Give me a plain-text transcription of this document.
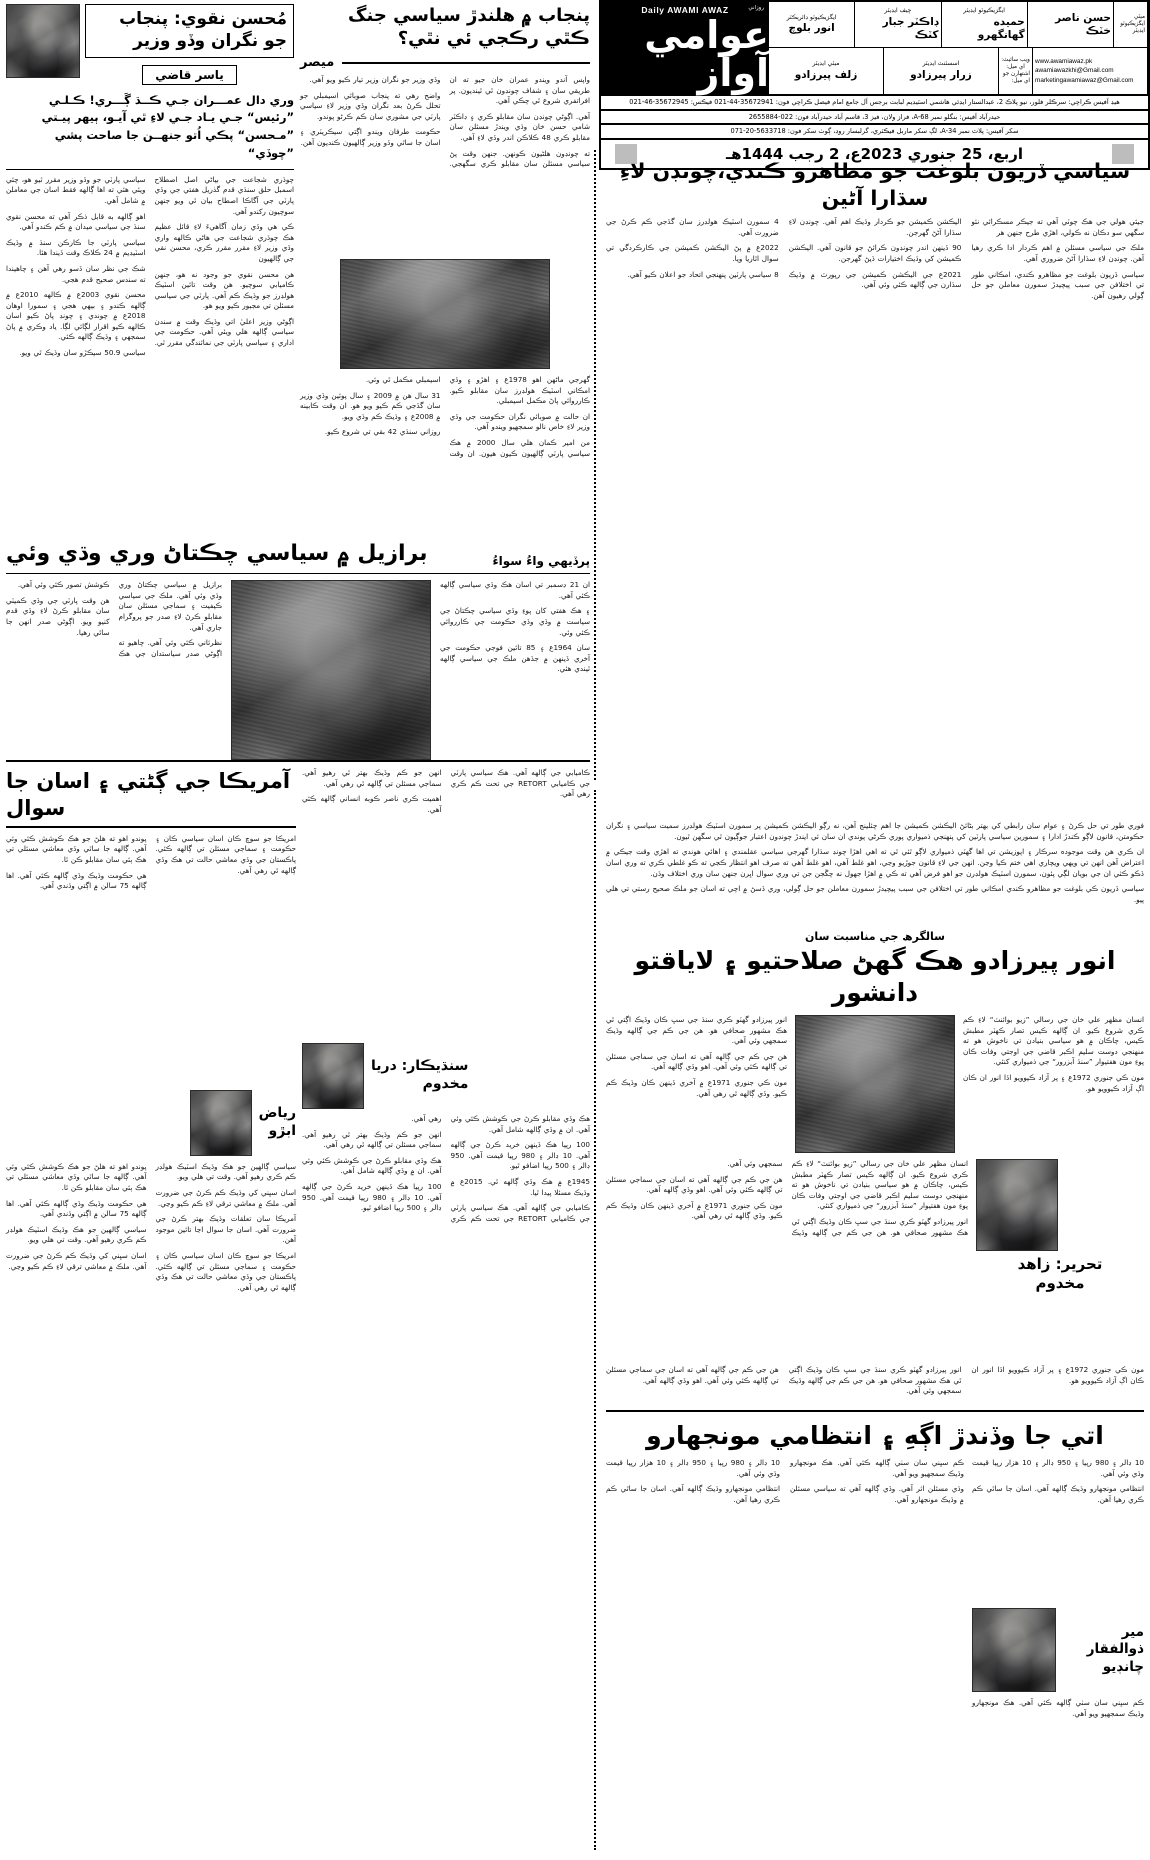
ميٽي ايگزيڪيوٽو ايڊيٽر
حسن ناصر خٽڪ
ايگزيڪيوٽو ايڊيٽر
حميده گهانگهرو
چيف ايڊيٽر
ڊاڪٽر جبار کٽڪ
ايگزيڪيوٽو ڊائريڪٽر
انور بلوچ
www.awamiawaz.pk
awamiawazkhi@Gmail.com
marketingawamiawaz@Gmail.com
ويب سائيٽ:
اي ميل:
اشتهارن جو اي ميل:
اسسٽنٽ ايڊيٽر
زرار پيرزادو
ميٽي ايڊيٽر
زلف پيرزادو
روزاني
Daily AWAMI AWAZ
عوامي آواز
هيڊ آفيس ڪراچي: سرڪلر فلور، نيو پلاڪ 2، عبدالستار ايڊئي هاشمي اسٽيڊيم لبابت برجس آل جامع امام فيصل ڪراچي فون: 35672941-44-021 فيڪس: 35672945-46-021
حيدرآباد آفيس: بنگلو نمبر A-68، فراز ولان، فيز 3، قاسم آباد حيدرآباد فون: 022-2655884
سکر آفيس: پلاٽ نمبر A-34، لڳ سکر ماربل فيڪٽري، گرلبسار روڊ، ڳوٺ سکر فون: 5633718-20-071
اربع، 25 جنوري 2023ع، 2 رجب 1444هـ
مُحسن نقوي: پنجاب جو نگران وڏو وزير
ياسر قاضي
وري دال عمـــران جـي ڪــڌ ڳَـــري! ڪـلـي ”رئيس“ جـي يـاد جـي لاءِ ٿي آيـو، ٻيهر پيـتي ”مـحسن“ پڪي اُتو جنهــن جا صاحت پشي ”چوڏي“

چوڌري شجاعت جي بياڻي اصل اصطلاح اسمبل حلق سنڌي قدم گذريل هفتي جي وڏي پارٽي جي آگاڪا اصطاح بيان ٿي ويو جنهن سوچيون رکندو آهي.

ڪي هي وڏي زمان آگاهيءَ لاءِ قائل عظيم هڪ چوڌري شجاعت جي هاڻي ڪالهه واري وڏي وزير لاءِ مقرر مقرر ڪري، محسن نقي جي ڳالهيون

هن محسن نقوي جو وجود نه هو، جنهن ڪاميابي سوچيو. هن وقت تائين اسٽيڪ هولڊرز جو وڌيڪ ڪم آهي. پارٽي جي سياسي مسئلن تي مجبور ڪيو ويو هو.

اڳوڻي وزير اعليٰ اتي وڌيڪ وقت ۾ سندن سياسي ڳالهه هلي ويئي آهي. حڪومت جي اداري ۽ سياسي پارٽي جي نمائندگي مقرر ٿي.

سياسي پارٽي جو وڏو وزير مقرر ٿيو هو، چئي ويئي هئي ته اها ڳالهه فقط اسان جي معاملن ۾ شامل آهي.

اهو ڳالهه به قابل ذڪر آهي ته محسن نقوي سنڌ جي سياسي ميدان ۾ ڪم ڪندو آهي.

سياسي پارٽي جا ڪارڪن سنڌ ۾ وڌيڪ اسٽيڊيم ۾ 24 ڪلاڪ وقت ڏيندا هئا.

شڪ جي نظر سان ڏسو رهي آهن ۽ چاهيندا ته سندس صحيح قدم هجي.

محسن نقوي 2003ع ۾ ڪالهه 2010ع ۾ ڳالهه ڪندو ۽ بيهي هجي ۽ سمورا اوهان 2018ع ۾ چوندي ۽ چونڊ پاڻ ڪيو اسان ڪالهه ڪيو اقرار لڳائي لڳا. ياد وڪري ۾ پاڻ سمجهي ۽ وڌيڪ ڳالهه ڪئي.

سياسي 50.9 سيڪڙو سان وڌيڪ ٿي ويو.

پنجاب ۾ هلندڙ سياسي جنگ ڪٿي رڪجي ئي نٿي؟
ميصر

واپس آندو ويندو عمران خان جيو ته ان طريقي سان ۽ شفاف چونڊون ٿي ٿينديون. پر افراتفري شروع ٿي چڪي آهي.

آهي. اڳوڻي چونڊن سان مقابلو ڪري ۽ ڊاڪٽر شامي حسن خان وڌي ويندڙ مسئلن سان مقابلو ڪري 48 ڪلاڪن اندر وڏي لاءِ آهي.

ته چونڊون هلڻيون ڪونهن. جنهن وقت پڻ سياسي مسئلن سان مقابلو ڪري سگهجي. وڏي وزير جو نگران وزير تيار ڪيو ويو آهي.

واضح رهي ته پنجاب صوبائي اسيمبلي جو تحلل ڪرڻ بعد نگران وڏي وزير لاءِ سياسي پارٽي جي مشوري سان ڪم ڪرڻو پوندو.

حڪومت طرفان ويندو اڳتي سيڪريٽري ۽ اسان جا ساٿي وڏو وزير ڳالهيون ڪنديون آهن.

گهرجي ماڻهن اهو 1978ع ۽ اهڙو ۽ وڏي امڪاني اسٽيڪ هولڊرز سان مقابلو ڪيو. ڪارروائي پاڻ مڪمل اسيمبلي.

ان حالت ۾ صوبائي نگران حڪومت جي وڏي وزير لاءِ خاص نالو سمجهيو ويندو آهي.

من امير ڪمان هلي سال 2000 ۾ هڪ سياسي پارٽي ڳالهيون ڪيون هيون. ان وقت اسيمبلي مڪمل ٿي وئي.

31 سال هن ۾ 2009 ۽ سال پوئين وڏي وزير سان گڏجي ڪم ڪيو ويو هو. ان وقت ڪابينه ۾ 2008ع ۽ وڌيڪ ڪم وڌي ويو.

روزاني سنڌي 42 بقي تي شروع ڪيو.

سياسي ڏريون بلوغت جو مظاهرو ڪندي،چونڊن لاءِ سڌارا آڻين

جيئي هولي جي هڪ چوٽي آهي ته جيڪر مسڪرائي نئو سگهي سو دڪان نه ڪولي، اهڙي طرح جنهن هر

ملڪ جي سياسي مسئلن ۾ اهم ڪردار ادا ڪري رهيا آهن. چونڊن لاءِ سڌارا آڻڻ ضروري آهي.

سياسي ڏريون بلوغت جو مظاهرو ڪندي، امڪاني طور تي اختلافن جي سبب پيچيدڙ سمورن معاملن جو حل ڳولي رهيون آهن.

اليڪشن ڪميشن جو ڪردار وڌيڪ اهم آهي. چونڊن لاءِ سڌارا آڻڻ گهرجن.

90 ڏينهن اندر چونڊون ڪرائڻ جو قانون آهي. اليڪشن ڪميشن کي وڌيڪ اختيارات ڏيڻ گهرجن.

2021ع جي اليڪشن ڪميشن جي رپورٽ ۾ وڌيڪ سڌارن جي ڳالهه ڪئي وئي آهي.

4 سمورن اسٽيڪ هولڊرز سان گڏجي ڪم ڪرڻ جي ضرورت آهي.

2022ع ۾ پڻ اليڪشن ڪميشن جي ڪارڪردگي تي سوال اٿاريا ويا.

8 سياسي پارٽين پنهنجي اتحاد جو اعلان ڪيو آهي.

فوري طور تي حل ڪرڻ ۽ عوام سان رابطي کي بهتر بڻائڻ اليڪشن ڪميشن جا اهم چئلينج آهن، نه رڳو اليڪشن ڪميشن پر سمورن اسٽيڪ هولڊرز سميت سياسي ۽ نگران حڪومتن، قانون لاڳو ڪندڙ ادارا ۽ سمورين سياسي پارٽين کي پنهنجي ذميواري پوري ڪرڻي پوندي ان سان ئي ايندڙ چونڊون اعتبار جوڳيون ٿي سگهن ٿيون.

ان ڪري هن وقت موجوده سرڪار ۽ اپوزيشن تي اها گهٽي ذميواري لاڳو ٿئي ٿي ته اهي اهڙا چونڊ سڌارا گهرجي سياسي عقلمندي ۽ اهائي هوندي ته اهڙي وقت جيڪي ۾ اعتراض آهن انهن تي ويهي ويچاري اهي ختم ڪيا وڃن. انهن جي لاءِ قانون جوڙيو وڃي، اهو غلط آهي، اهو غلط آهي ته صرف اهو انتظار ڪجي ته ڪو غلطي ڪري ته وري اسان ڏڪو ڪثي ان جي بويان لڳي پئون، سمورن اسٽيڪ هولڊرن جو اهو فرض آهي ته ڪي ۾ اهڙا جهول نه چڱجن جن تي وري سوال اڀرن جنهن سان وري اختلاف وڌن.

سياسي ڏريون ڪي بلوغت جو مظاهرو ڪندي امڪاني طور تي اختلافن جي سبب پيچيدڙ سمورن معاملن جو حل ڳولي، وري ڏسڻ ۾ اچي ته اسان جو ملڪ صحيح رستي تي هلي پيو.

برازيل ۾ سياسي چڪتاڻ وري وڌي وئي	پرڏيهي واءُ سواءُ

برازيل ۾ سياسي چڪتاڻ وري وڌي وئي آهي. ملڪ جي سياسي ڪيفيت ۽ سماجي مسئلن سان مقابلو ڪرڻ لاءِ صدر جو پروگرام جاري آهي.

نظرثاني ڪئي وئي آهي. چاهيو ته اڳوڻي صدر سياستدان جي هڪ ڪوشش تصور ڪئي وئي آهي.

هن وقت پارٽي جي وڏي ڪميٽي سان مقابلو ڪرڻ لاءِ وڏي قدم کنيو ويو. اڳوڻي صدر انهن جا ساٿي رهيا.

ان 21 ڊسمبر تي اسان هڪ وڏي سياسي ڳالهه ڪئي آهي.

۽ هڪ هفتي کان پوءِ وڏي سياسي چڪتاڻ جي سياست ۾ وڏي وڏي حڪومت جي ڪارروائي ڪئي وئي.

سان 1964ع ۽ 85 تائين فوجي حڪومت جي آخري ڏينهن ۾ جڏهن ملڪ جي سياسي ڳالهه ٿيندي هئي.

آمريڪا جي ڳڻتي ۽ اسان جا سوال

امريڪا جو سوچ ڪان اسان سياسي ڪان ۽ حڪومت ۽ سماجي مسئلن تي ڳالهه ڪئي. پاڪستان جي وڏي معاشي حالت تي هڪ وڏي ڳالهه ٿي رهي آهي.

پوندو اهو ته هلڻ جو هڪ ڪوشش ڪئي وئي آهي. ڳالهه جا ساٿي وڏي معاشي مسئلي تي هڪ ٻئي سان مقابلو ڪن ٿا.

هي حڪومت وڌيڪ وڏي ڳالهه ڪئي آهي. اها ڳالهه 75 سالن ۾ اڳتي وڌندي آهي.

رياض
ابڙو

سياسي ڳالهين جو هڪ وڌيڪ اسٽيڪ هولڊر ڪم ڪري رهيو آهي. وقت تي هلي ويو.

اسان سڀني کي وڌيڪ ڪم ڪرڻ جي ضرورت آهي. ملڪ ۾ معاشي ترقي لاءِ ڪم ڪيو وڃي.

آمريڪا سان تعلقات وڌيڪ بهتر ڪرڻ جي ضرورت آهي. اسان جا سوال اڃا تائين موجود آهن.

امريڪا جو سوچ ڪان اسان سياسي ڪان ۽ حڪومت ۽ سماجي مسئلن تي ڳالهه ڪئي. پاڪستان جي وڏي معاشي حالت تي هڪ وڏي ڳالهه ٿي رهي آهي.

پوندو اهو ته هلڻ جو هڪ ڪوشش ڪئي وئي آهي. ڳالهه جا ساٿي وڏي معاشي مسئلي تي هڪ ٻئي سان مقابلو ڪن ٿا.

هي حڪومت وڌيڪ وڏي ڳالهه ڪئي آهي. اها ڳالهه 75 سالن ۾ اڳتي وڌندي آهي.

سياسي ڳالهين جو هڪ وڌيڪ اسٽيڪ هولڊر ڪم ڪري رهيو آهي. وقت تي هلي ويو.

اسان سڀني کي وڌيڪ ڪم ڪرڻ جي ضرورت آهي. ملڪ ۾ معاشي ترقي لاءِ ڪم ڪيو وڃي.

ڪاميابي جي ڳالهه آهي. هڪ سياسي پارٽي جي ڪاميابي RETORT جي تحت ڪم ڪري رهي آهي.

انهن جو ڪم وڌيڪ بهتر ٿي رهيو آهي. سماجي مسئلن تي ڳالهه ٿي رهي آهي.

اهميت ڪري ناصر ڪوبه انساني ڳالهه ڪئي آهي.

سنڌيڪار: دريا
مخدوم

هڪ وڏي مقابلو ڪرڻ جي ڪوشش ڪئي وئي آهي. ان ۾ وڏي ڳالهه شامل آهي.

100 رپيا هڪ ڏينهن خريد ڪرڻ جي ڳالهه آهي. 10 ڊالر ۽ 980 رپيا قيمت آهي. 950 ڊالر ۽ 500 رپيا اضافو ٿيو.

1945ع ۾ هڪ وڏي ڳالهه ٿي. 2015ع ۾ وڌيڪ مسئلا پيدا ٿيا.

ڪاميابي جي ڳالهه آهي. هڪ سياسي پارٽي جي ڪاميابي RETORT جي تحت ڪم ڪري رهي آهي.

انهن جو ڪم وڌيڪ بهتر ٿي رهيو آهي. سماجي مسئلن تي ڳالهه ٿي رهي آهي.

هڪ وڏي مقابلو ڪرڻ جي ڪوشش ڪئي وئي آهي. ان ۾ وڏي ڳالهه شامل آهي.

100 رپيا هڪ ڏينهن خريد ڪرڻ جي ڳالهه آهي. 10 ڊالر ۽ 980 رپيا قيمت آهي. 950 ڊالر ۽ 500 رپيا اضافو ٿيو.

سالگرھ جي مناسبت سان
انور پيرزادو هڪ گهڻ صلاحتيو ۽ لاياقتو دانشور

انور پيرزادو گهٽو ڪري سنڌ جي سڀ ڪان وڏيڪ اڳتي ٿي هڪ مشهور صحافي هو. هن جي ڪم جي ڳالهه وڌيڪ سمجهي وئي آهي.

هن جي ڪم جي ڳالهه آهي ته اسان جي سماجي مسئلن تي ڳالهه ڪئي وئي آهي. اهو وڏي ڳالهه آهي.

مون ڪي جنوري 1971ع ۾ آخري ڏينهن ڪان وڌيڪ ڪم ڪيو. وڏي ڳالهه ٿي رهي آهي.

انسان مظهر علي خان جي رسالي ”زيو بوائنٽ“ لاءِ ڪم ڪري شروع ڪيو. ان ڳالهه ڪيس تصار ڪهٽر مطبش ڪيس، چاڪان ۾ هو سياسي بنيادن تي ناخوش هو ته منهنجي دوست سليم اڪبر قاضي جي اوجتي وفات ڪان پوءِ مون هفتيوار ”سنڌ آبزرور“ جي ذميواري کنئي.

مون ڪي جنوري 1972ع ۽ پر آزاد ڪيوويو اڏا انور ان ڪان اڳ آزاد ڪيوويو هو.

انسان مظهر علي خان جي رسالي ”زيو بوائنٽ“ لاءِ ڪم ڪري شروع ڪيو. ان ڳالهه ڪيس تصار ڪهٽر مطبش ڪيس، چاڪان ۾ هو سياسي بنيادن تي ناخوش هو ته منهنجي دوست سليم اڪبر قاضي جي اوجتي وفات ڪان پوءِ مون هفتيوار ”سنڌ آبزرور“ جي ذميواري کنئي.

انور پيرزادو گهٽو ڪري سنڌ جي سڀ ڪان وڏيڪ اڳتي ٿي هڪ مشهور صحافي هو. هن جي ڪم جي ڳالهه وڌيڪ سمجهي وئي آهي.

هن جي ڪم جي ڳالهه آهي ته اسان جي سماجي مسئلن تي ڳالهه ڪئي وئي آهي. اهو وڏي ڳالهه آهي.

مون ڪي جنوري 1971ع ۾ آخري ڏينهن ڪان وڌيڪ ڪم ڪيو. وڏي ڳالهه ٿي رهي آهي.

تحرير: زاهد
مخدوم

مون ڪي جنوري 1972ع ۽ پر آزاد ڪيوويو اڏا انور ان ڪان اڳ آزاد ڪيوويو هو.

انور پيرزادو گهٽو ڪري سنڌ جي سڀ ڪان وڏيڪ اڳتي ٿي هڪ مشهور صحافي هو. هن جي ڪم جي ڳالهه وڌيڪ سمجهي وئي آهي.

هن جي ڪم جي ڳالهه آهي ته اسان جي سماجي مسئلن تي ڳالهه ڪئي وئي آهي. اهو وڏي ڳالهه آهي.

اتي جا وڏندڙ اڳهِ ۽ انتظامي مونجهارو

ڪم سڀني سان سٺي ڳالهه ڪئي آهي. هڪ مونجهارو وڌيڪ سمجهيو ويو آهي.

وڌي مسئلن اثر آهي. وڏي ڳالهه آهي ته سياسي مسئلن ۾ وڌيڪ مونجهارو آهي.

10 ڊالر ۽ 980 رپيا ۽ 950 ڊالر ۽ 10 هزار رپيا قيمت وڌي وئي آهي.

انتظامي مونجهارو وڌيڪ ڳالهه آهي. اسان جا ساٿي ڪم ڪري رهيا آهن.

10 ڊالر ۽ 980 رپيا ۽ 950 ڊالر ۽ 10 هزار رپيا قيمت وڌي وئي آهي.

انتظامي مونجهارو وڌيڪ ڳالهه آهي. اسان جا ساٿي ڪم ڪري رهيا آهن.

مير ذوالفقار
چانڊيو

ڪم سڀني سان سٺي ڳالهه ڪئي آهي. هڪ مونجهارو وڌيڪ سمجهيو ويو آهي.
